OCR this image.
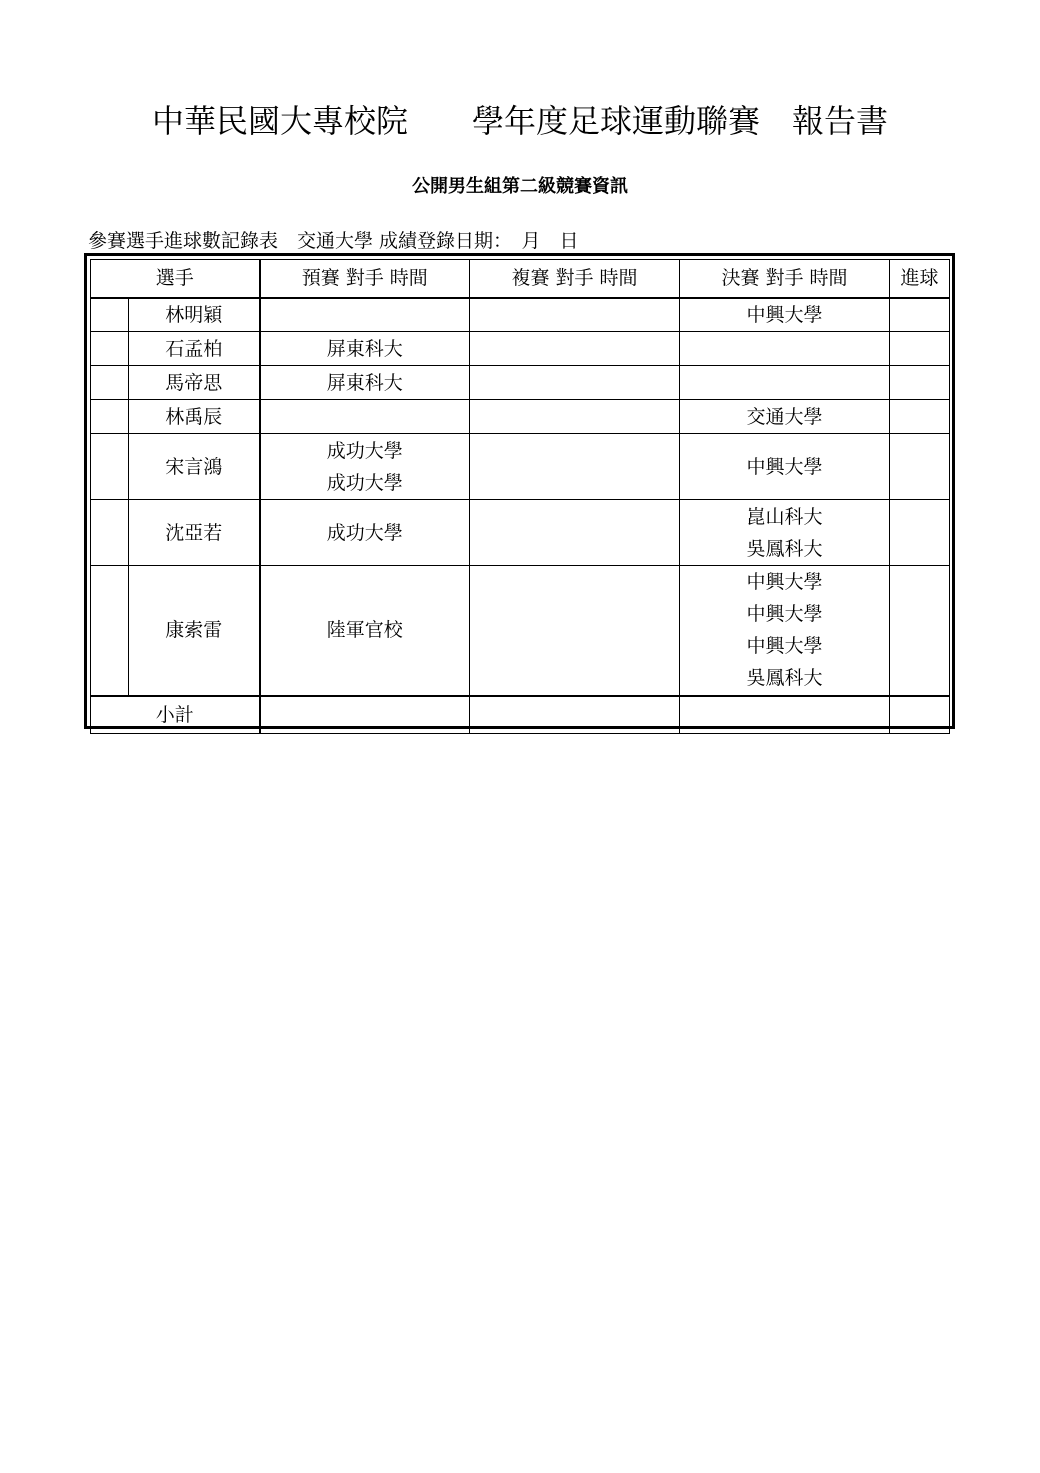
中華民國大專校院　　學年度足球運動聯賽　報告書
公開男生組第二級競賽資訊
參賽選手進球數記錄表　交通大學 成績登錄日期：　月　日
選手		預賽 對手 時間	複賽 對手 時間	決賽 對手 時間	進球
	林明穎			中興大學	

	石孟柏	屏東科大			

	馬帝思	屏東科大			

	林禹辰			交通大學	

	宋言鴻	成功大學
成功大學		中興大學	

	沈亞若	成功大學		崑山科大
吳鳳科大	

	康索雷	陸軍官校		中興大學
中興大學
中興大學
吳鳳科大	

小計					
